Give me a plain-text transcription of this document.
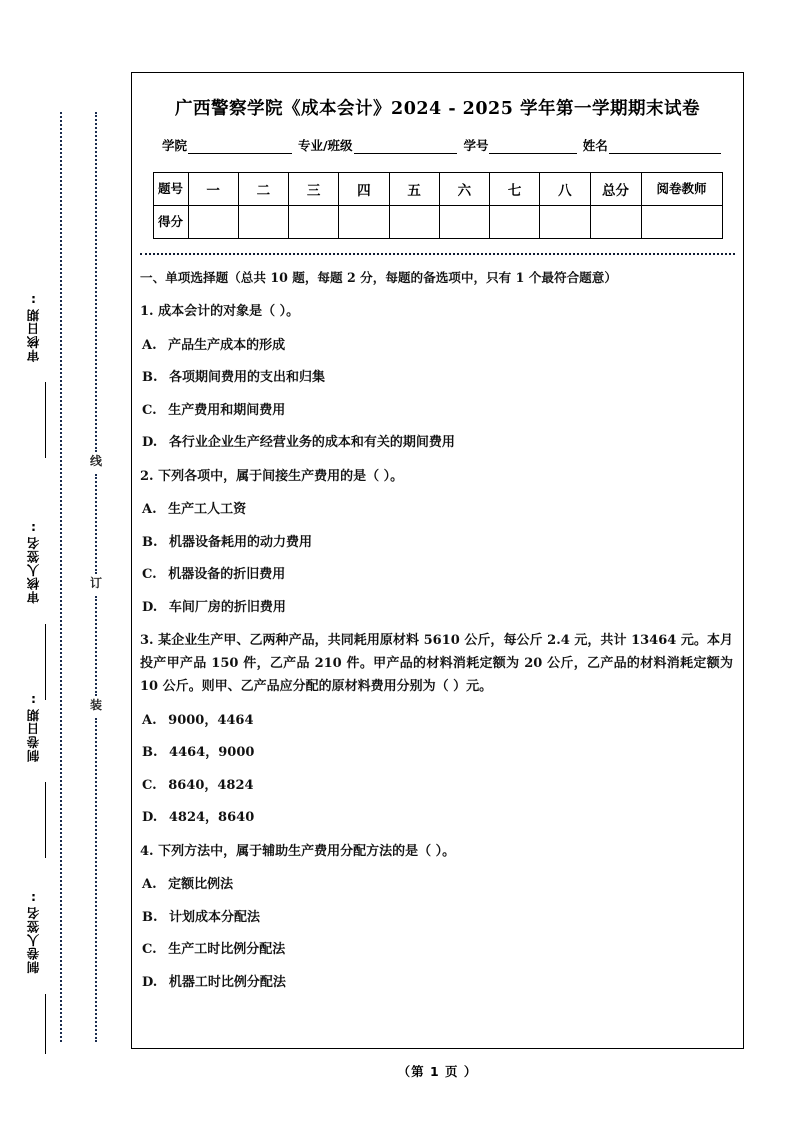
审核日期:
审核人签名:
制卷日期:
制卷人签名:
线
订
装
广西警察学院《成本会计》2024 - 2025 学年第一学期期末试卷
学院	专业/班级	学号	姓名
题号	一	二	三	四	五	六	七	八	总分	阅卷教师
得分										
一、单项选择题（总共 10 题，每题 2 分，每题的备选项中，只有 1 个最符合题意）
1. 成本会计的对象是（ ）。
A. 产品生产成本的形成
B. 各项期间费用的支出和归集
C. 生产费用和期间费用
D. 各行业企业生产经营业务的成本和有关的期间费用
2. 下列各项中，属于间接生产费用的是（ ）。
A. 生产工人工资
B. 机器设备耗用的动力费用
C. 机器设备的折旧费用
D. 车间厂房的折旧费用
3. 某企业生产甲、乙两种产品，共同耗用原材料 5610 公斤，每公斤 2.4 元，共计 13464 元。本月投产甲产品 150 件，乙产品 210 件。甲产品的材料消耗定额为 20 公斤，乙产品的材料消耗定额为 10 公斤。则甲、乙产品应分配的原材料费用分别为（ ）元。
A. 9000，4464
B. 4464，9000
C. 8640，4824
D. 4824，8640
4. 下列方法中，属于辅助生产费用分配方法的是（ ）。
A. 定额比例法
B. 计划成本分配法
C. 生产工时比例分配法
D. 机器工时比例分配法
（第 1 页 ）
